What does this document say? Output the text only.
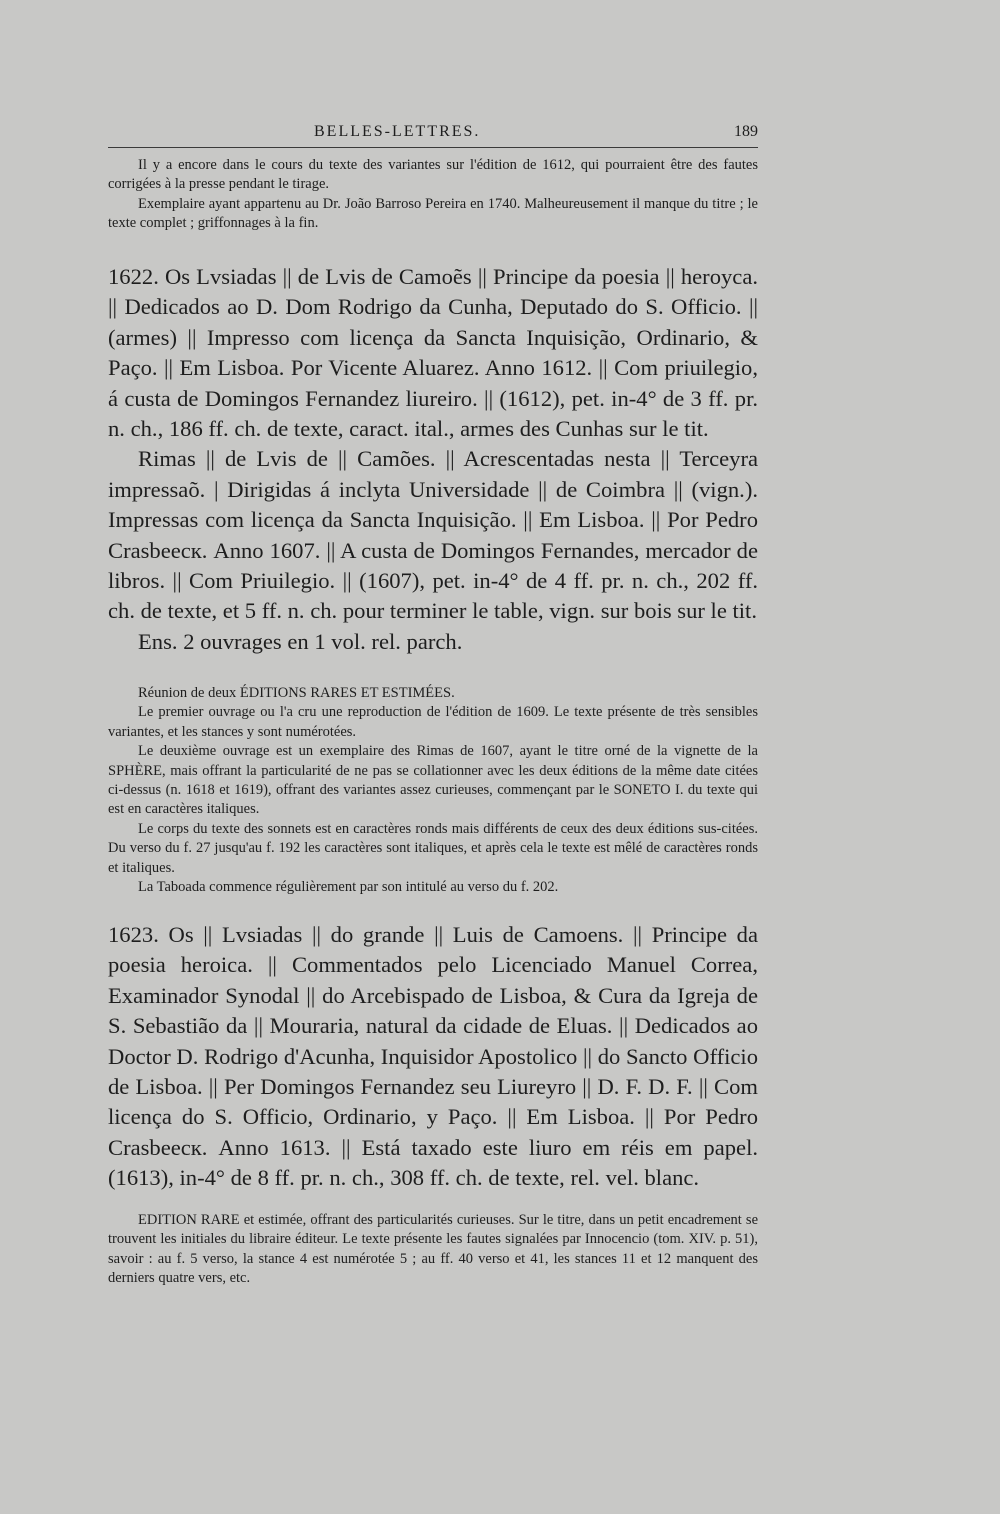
BELLES-LETTRES.	189

Il y a encore dans le cours du texte des variantes sur l'édition de 1612, qui pourraient être des fautes corrigées à la presse pendant le tirage.

Exemplaire ayant appartenu au Dr. João Barroso Pereira en 1740. Malheureusement il manque du titre ; le texte complet ; griffonnages à la fin.

1622. Os Lvsiadas || de Lvis de Camoẽs || Principe da poesia || heroyca. || Dedicados ao D. Dom Rodrigo da Cunha, Deputado do S. Officio. || (armes) || Impresso com licença da Sancta Inquisição, Ordinario, & Paço. || Em Lisboa. Por Vicente Aluarez. Anno 1612. || Com priuilegio, á custa de Domingos Fernandez liureiro. || (1612), pet. in-4° de 3 ff. pr. n. ch., 186 ff. ch. de texte, caract. ital., armes des Cunhas sur le tit.

Rimas || de Lvis de || Camões. || Acrescentadas nesta || Terceyra impressaõ. | Dirigidas á inclyta Universidade || de Coimbra || (vign.). Impressas com licença da Sancta Inquisição. || Em Lisboa. || Por Pedro Crasbeecк. Anno 1607. || A custa de Domingos Fernandes, mercador de libros. || Com Priuilegio. || (1607), pet. in-4° de 4 ff. pr. n. ch., 202 ff. ch. de texte, et 5 ff. n. ch. pour terminer le table, vign. sur bois sur le tit.

Ens. 2 ouvrages en 1 vol. rel. parch.

Réunion de deux ÉDITIONS RARES ET ESTIMÉES.

Le premier ouvrage ou l'a cru une reproduction de l'édition de 1609. Le texte présente de très sensibles variantes, et les stances y sont numérotées.

Le deuxième ouvrage est un exemplaire des Rimas de 1607, ayant le titre orné de la vignette de la SPHÈRE, mais offrant la particularité de ne pas se collationner avec les deux éditions de la même date citées ci-dessus (n. 1618 et 1619), offrant des variantes assez curieuses, commençant par le SONETO I. du texte qui est en caractères italiques.

Le corps du texte des sonnets est en caractères ronds mais différents de ceux des deux éditions sus-citées. Du verso du f. 27 jusqu'au f. 192 les caractères sont italiques, et après cela le texte est mêlé de caractères ronds et italiques.

La Taboada commence régulièrement par son intitulé au verso du f. 202.

1623. Os || Lvsiadas || do grande || Luis de Camoens. || Principe da poesia heroica. || Commentados pelo Licenciado Manuel Correa, Examinador Synodal || do Arcebispado de Lisboa, & Cura da Igreja de S. Sebastião da || Mouraria, natural da cidade de Eluas. || Dedicados ao Doctor D. Rodrigo d'Acunha, Inquisidor Apostolico || do Sancto Officio de Lisboa. || Per Domingos Fernandez seu Liureyro || D. F. D. F. || Com licença do S. Officio, Ordinario, y Paço. || Em Lisboa. || Por Pedro Crasbeecк. Anno 1613. || Está taxado este liuro em réis em papel. (1613), in-4° de 8 ff. pr. n. ch., 308 ff. ch. de texte, rel. vel. blanc.

EDITION RARE et estimée, offrant des particularités curieuses. Sur le titre, dans un petit encadrement se trouvent les initiales du libraire éditeur. Le texte présente les fautes signalées par Innocencio (tom. XIV. p. 51), savoir : au f. 5 verso, la stance 4 est numérotée 5 ; au ff. 40 verso et 41, les stances 11 et 12 manquent des derniers quatre vers, etc.
